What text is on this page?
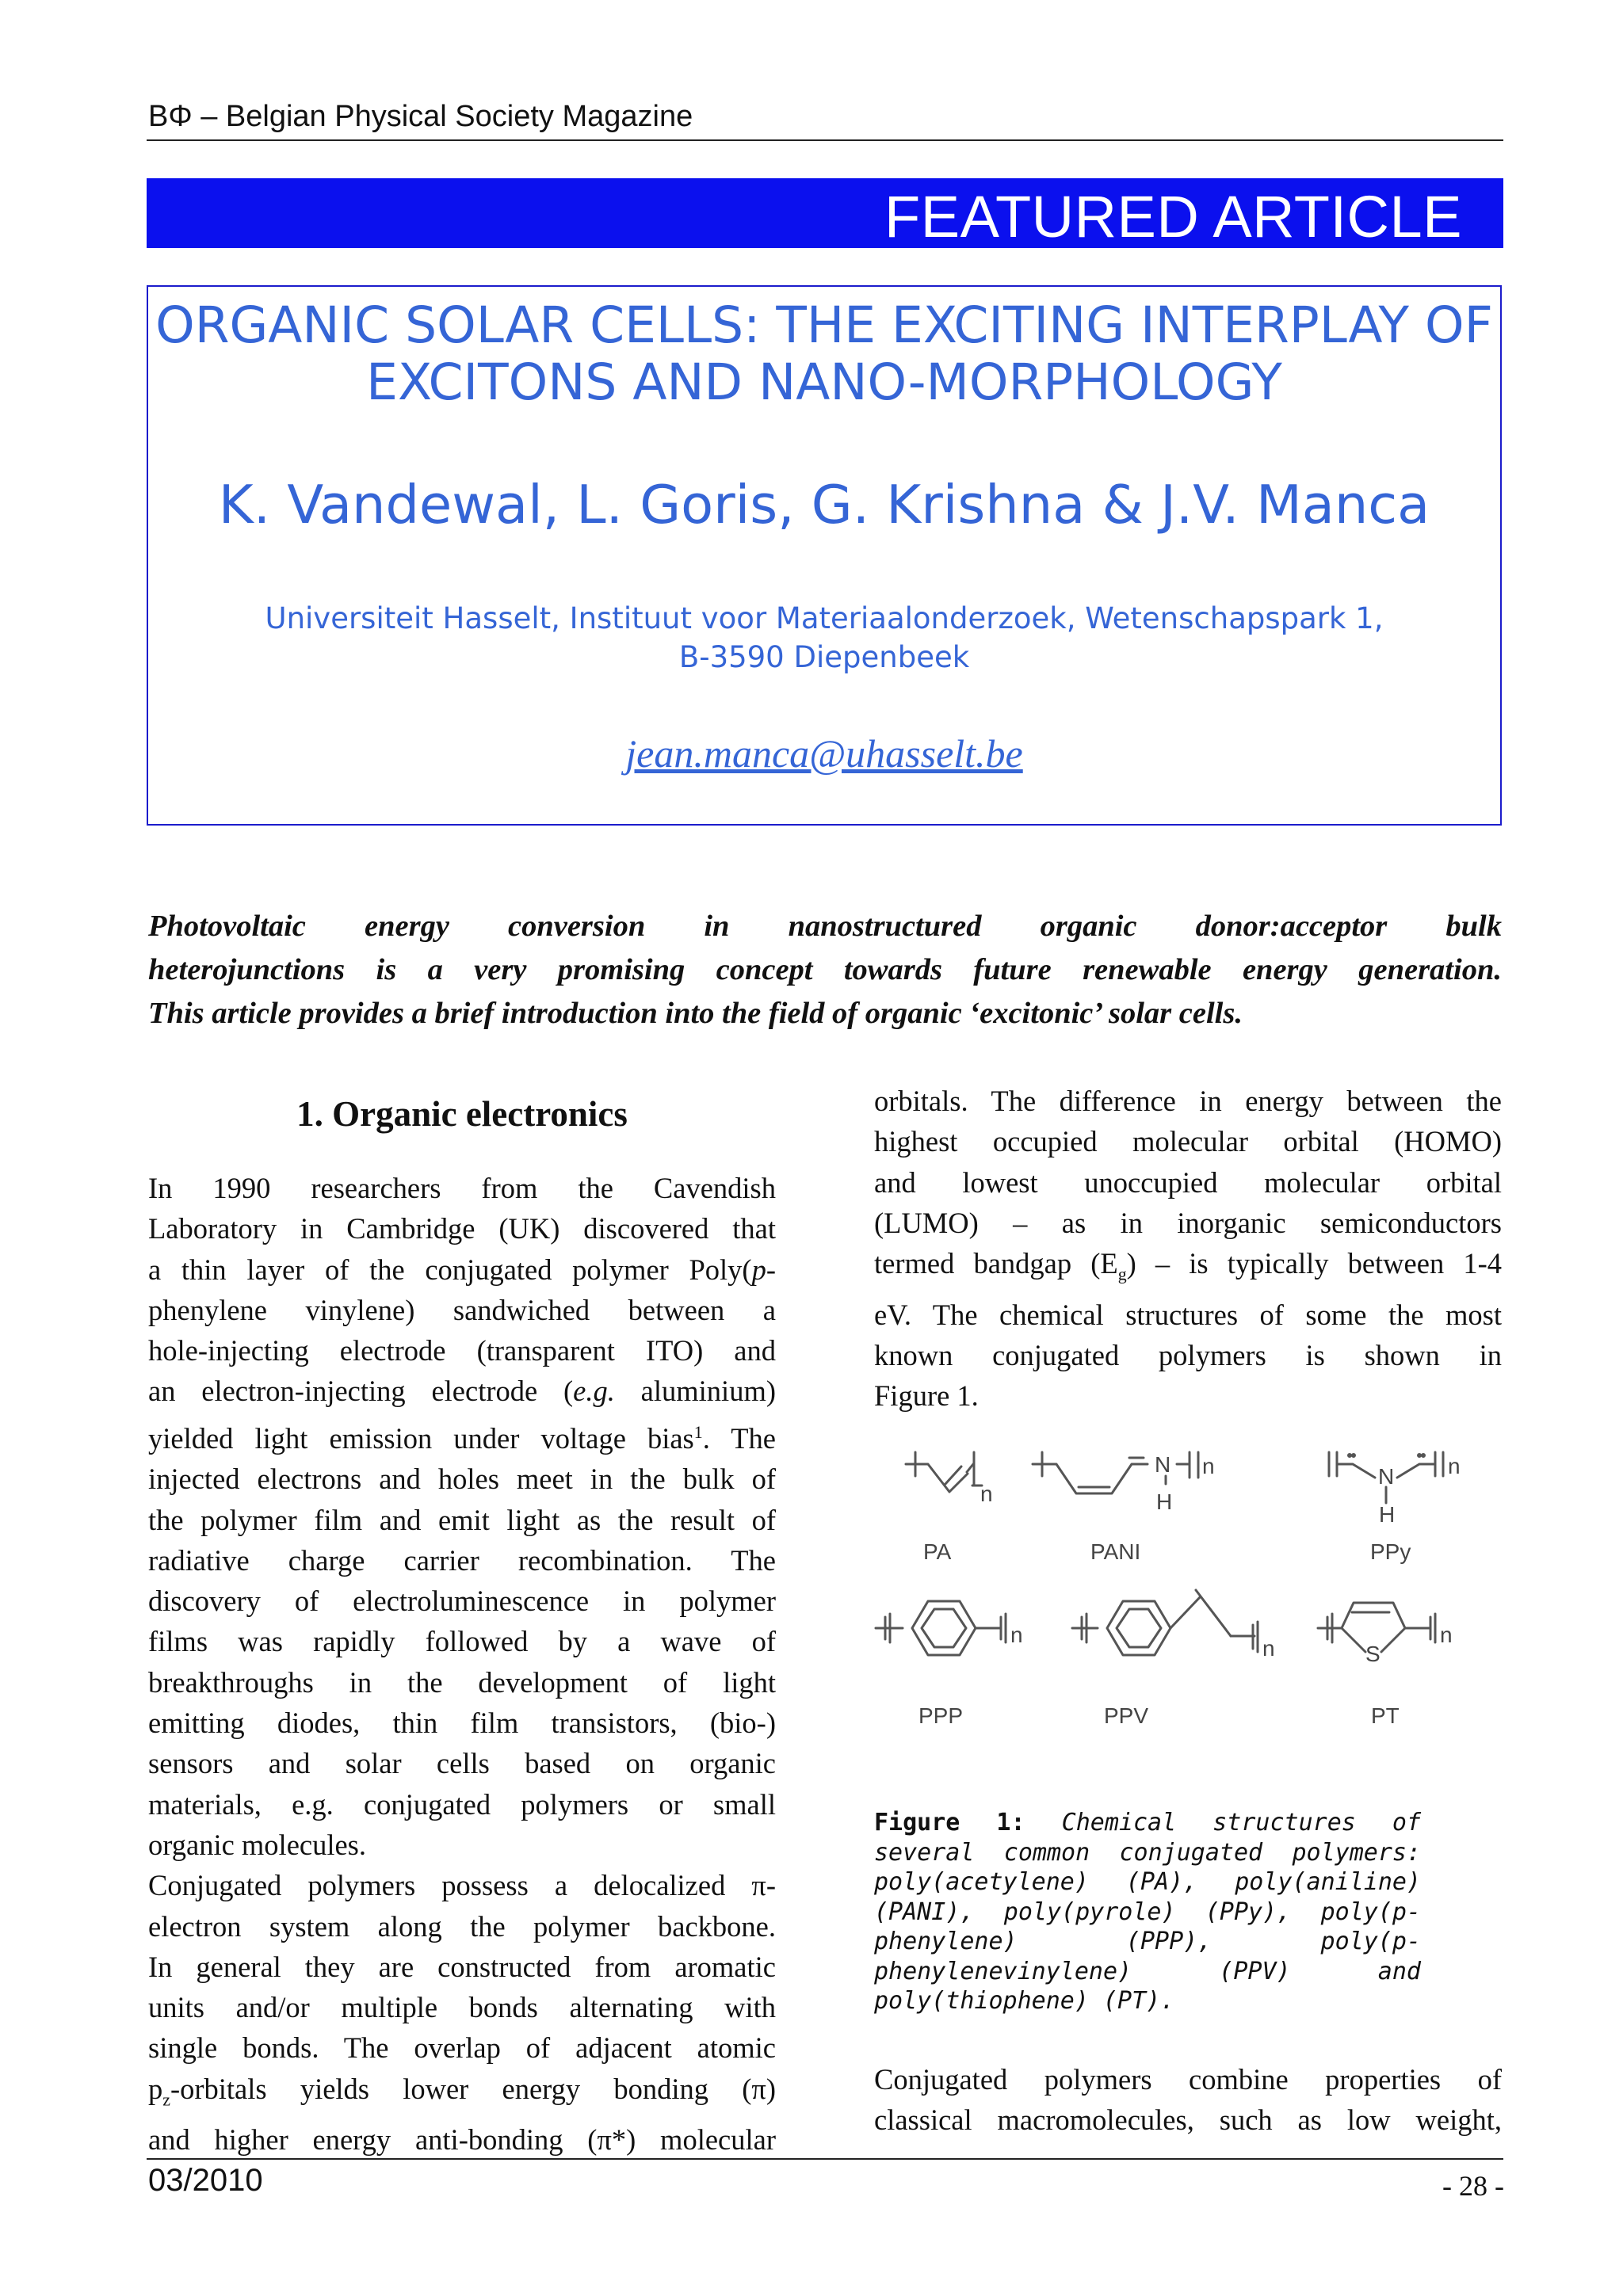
BΦ – Belgian Physical Society Magazine
FEATURED ARTICLE
ORGANIC SOLAR CELLS: THE EXCITING INTERPLAY OF
EXCITONS AND NANO-MORPHOLOGY
K. Vandewal, L. Goris, G. Krishna & J.V. Manca
Universiteit Hasselt, Instituut voor Materiaalonderzoek, Wetenschapspark 1,
B-3590 Diepenbeek
jean.manca@uhasselt.be
Photovoltaic energy conversion in nanostructured organic donor:acceptor bulk
heterojunctions is a very promising concept towards future renewable energy generation.
This article provides a brief introduction into the field of organic ‘excitonic’ solar cells.
1. Organic electronics
In 1990 researchers from the Cavendish
Laboratory in Cambridge (UK) discovered that
a thin layer of the conjugated polymer Poly(p-
phenylene vinylene) sandwiched between a
hole-injecting electrode (transparent ITO) and
an electron-injecting electrode (e.g. aluminium)
yielded light emission under voltage bias$^1$. The
injected electrons and holes meet in the bulk of
the polymer film and emit light as the result of
radiative charge carrier recombination. The
discovery of electroluminescence in polymer
films was rapidly followed by a wave of
breakthroughs in the development of light
emitting diodes, thin film transistors, (bio-)
sensors and solar cells based on organic
materials, e.g. conjugated polymers or small
organic molecules.
Conjugated polymers possess a delocalized π-
electron system along the polymer backbone.
In general they are constructed from aromatic
units and/or multiple bonds alternating with
single bonds. The overlap of adjacent atomic
$p_z$-orbitals yields lower energy bonding (π)
and higher energy anti-bonding (π*) molecular
orbitals. The difference in energy between the
highest occupied molecular orbital (HOMO)
and lowest unoccupied molecular orbital
(LUMO) – as in inorganic semiconductors
termed bandgap $(E_g)$ – is typically between 1-4
eV. The chemical structures of some the most
known conjugated polymers is shown in
Figure 1.
n
N
H
n	N
H
n
n
n	S
n
PA	PANI	PPy
PPP	PPV	PT
Figure 1: Chemical structures of
several common conjugated polymers:
poly(acetylene) (PA), poly(aniline)
(PANI), poly(pyrole) (PPy), poly(p-
phenylene) (PPP), poly(p-
phenylenevinylene) (PPV) and
poly(thiophene) (PT).
Conjugated polymers combine properties of
classical macromolecules, such as low weight,
03/2010	- 28 -
